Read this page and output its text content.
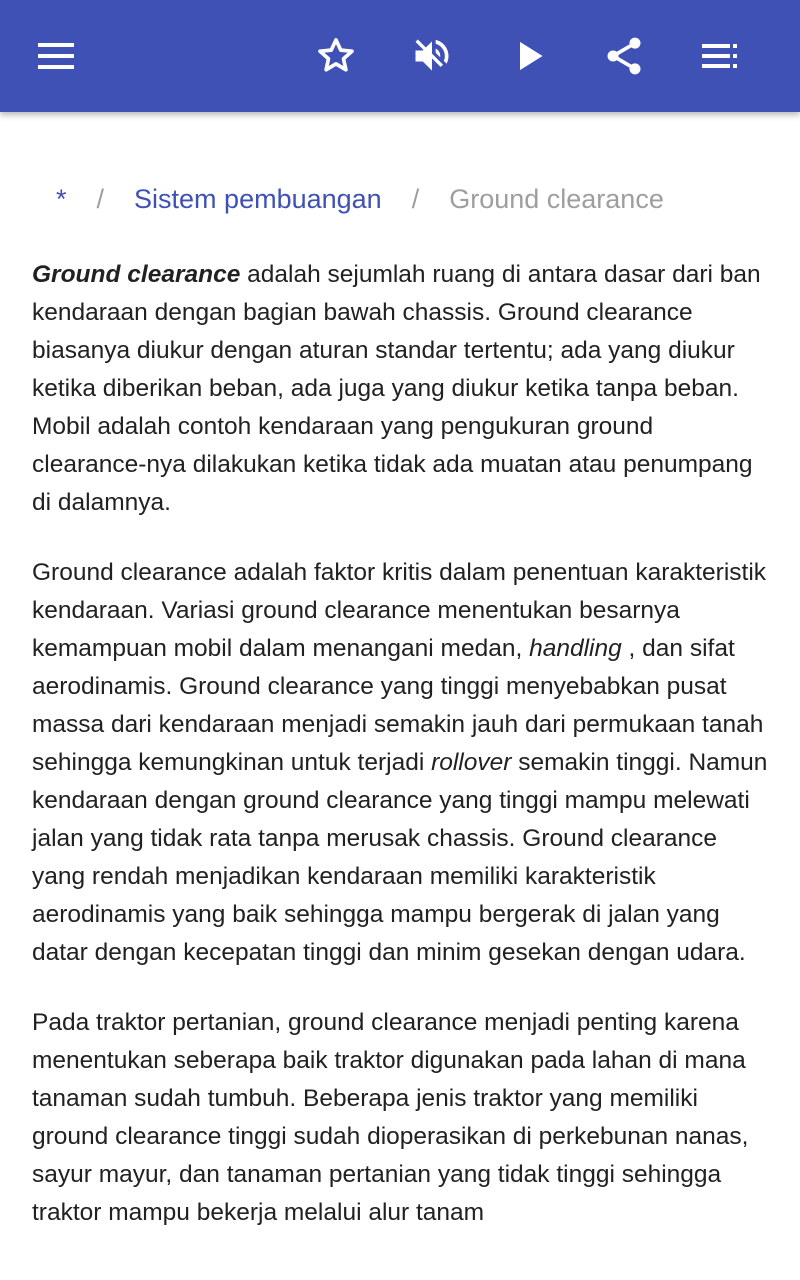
* / Sistem pembuangan / Ground clearance

Ground clearance adalah sejumlah ruang di antara dasar dari ban kendaraan dengan bagian bawah chassis. Ground clearance biasanya diukur dengan aturan standar tertentu; ada yang diukur ketika diberikan beban, ada juga yang diukur ketika tanpa beban. Mobil adalah contoh kendaraan yang pengukuran ground clearance-nya dilakukan ketika tidak ada muatan atau penumpang di dalamnya.

Ground clearance adalah faktor kritis dalam penentuan karakteristik kendaraan. Variasi ground clearance menentukan besarnya kemampuan mobil dalam menangani medan, handling , dan sifat aerodinamis. Ground clearance yang tinggi menyebabkan pusat massa dari kendaraan menjadi semakin jauh dari permukaan tanah sehingga kemungkinan untuk terjadi rollover semakin tinggi. Namun kendaraan dengan ground clearance yang tinggi mampu melewati jalan yang tidak rata tanpa merusak chassis. Ground clearance yang rendah menjadikan kendaraan memiliki karakteristik aerodinamis yang baik sehingga mampu bergerak di jalan yang datar dengan kecepatan tinggi dan minim gesekan dengan udara.

Pada traktor pertanian, ground clearance menjadi penting karena menentukan seberapa baik traktor digunakan pada lahan di mana tanaman sudah tumbuh. Beberapa jenis traktor yang memiliki ground clearance tinggi sudah dioperasikan di perkebunan nanas, sayur mayur, dan tanaman pertanian yang tidak tinggi sehingga traktor mampu bekerja melalui alur tanam
